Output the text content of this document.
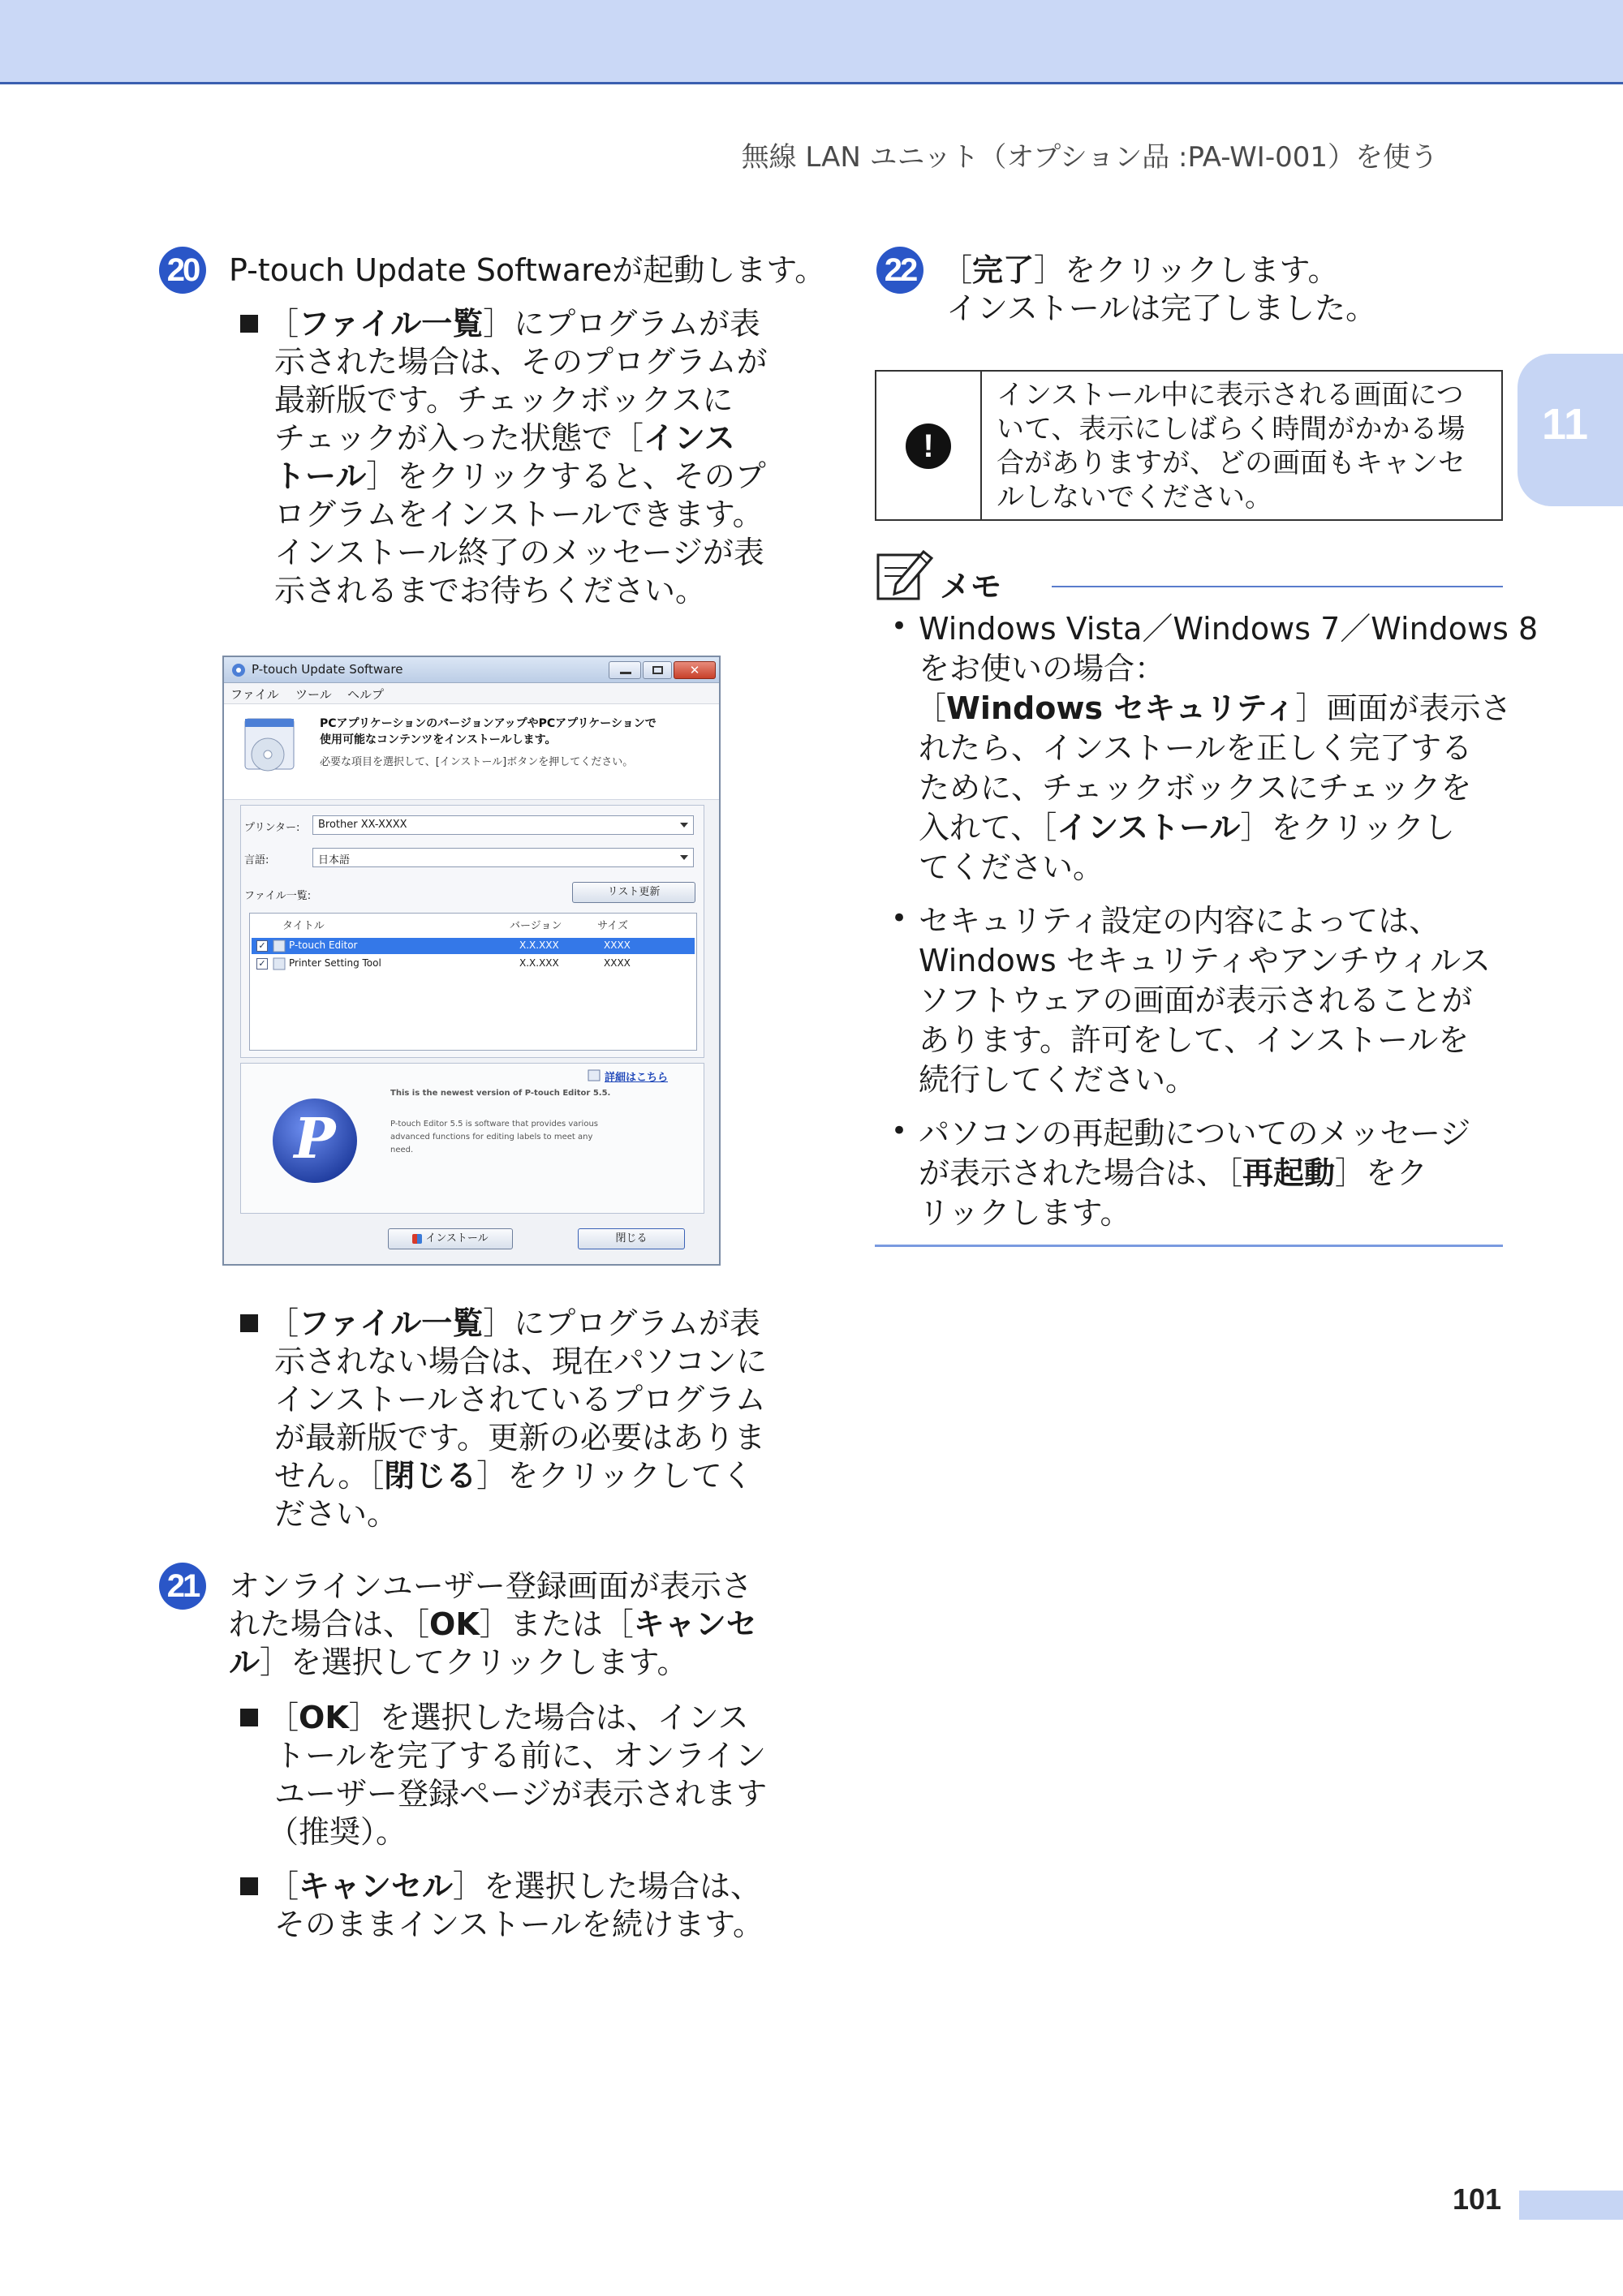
無線 LAN ユニット（オプション品 :PA-WI-001）を使う
11
20 P-touch Update Softwareが起動します。
［ファイル一覧］にプログラムが表
示された場合は、そのプログラムが
最新版です。チェックボックスに
チェックが入った状態で［インス
トール］をクリックすると、そのプ
ログラムをインストールできます。
インストール終了のメッセージが表
示されるまでお待ちください。
P-touch Update Software	✕
ファイル ツール ヘルプ
PCアプリケーションのバージョンアップやPCアプリケーションで
使用可能なコンテンツをインストールします。
必要な項目を選択して、[インストール]ボタンを押してください。
プリンター:	Brother XX-XXXX
言語:	日本語
ファイル一覧:	リスト更新
タイトル	バージョン	サイズ
✓ P-touch Editor	X.X.XXX	XXXX
✓ Printer Setting Tool	X.X.XXX	XXXX
詳細はこちら
P
This is the newest version of P-touch Editor 5.5.
P-touch Editor 5.5 is software that provides various
advanced functions for editing labels to meet any
need.
インストール	閉じる
［ファイル一覧］にプログラムが表
示されない場合は、現在パソコンに
インストールされているプログラム
が最新版です。更新の必要はありま
せん。［閉じる］をクリックしてく
ださい。
21 オンラインユーザー登録画面が表示さ
れた場合は、［OK］または［キャンセ
ル］を選択してクリックします。
［OK］を選択した場合は、インス
トールを完了する前に、オンライン
ユーザー登録ページが表示されます
（推奨）。
［キャンセル］を選択した場合は、
そのままインストールを続けます。
22 ［完了］をクリックします。
インストールは完了しました。
!
インストール中に表示される画面につ
いて、表示にしばらく時間がかかる場
合がありますが、どの画面もキャンセ
ルしないでください。
メモ
• Windows Vista／Windows 7／Windows 8
をお使いの場合：
［Windows セキュリティ］画面が表示さ
れたら、インストールを正しく完了する
ために、チェックボックスにチェックを
入れて、［インストール］をクリックし
てください。
• セキュリティ設定の内容によっては、
Windows セキュリティやアンチウィルス
ソフトウェアの画面が表示されることが
あります。許可をして、インストールを
続行してください。
• パソコンの再起動についてのメッセージ
が表示された場合は、［再起動］をク
リックします。
101
